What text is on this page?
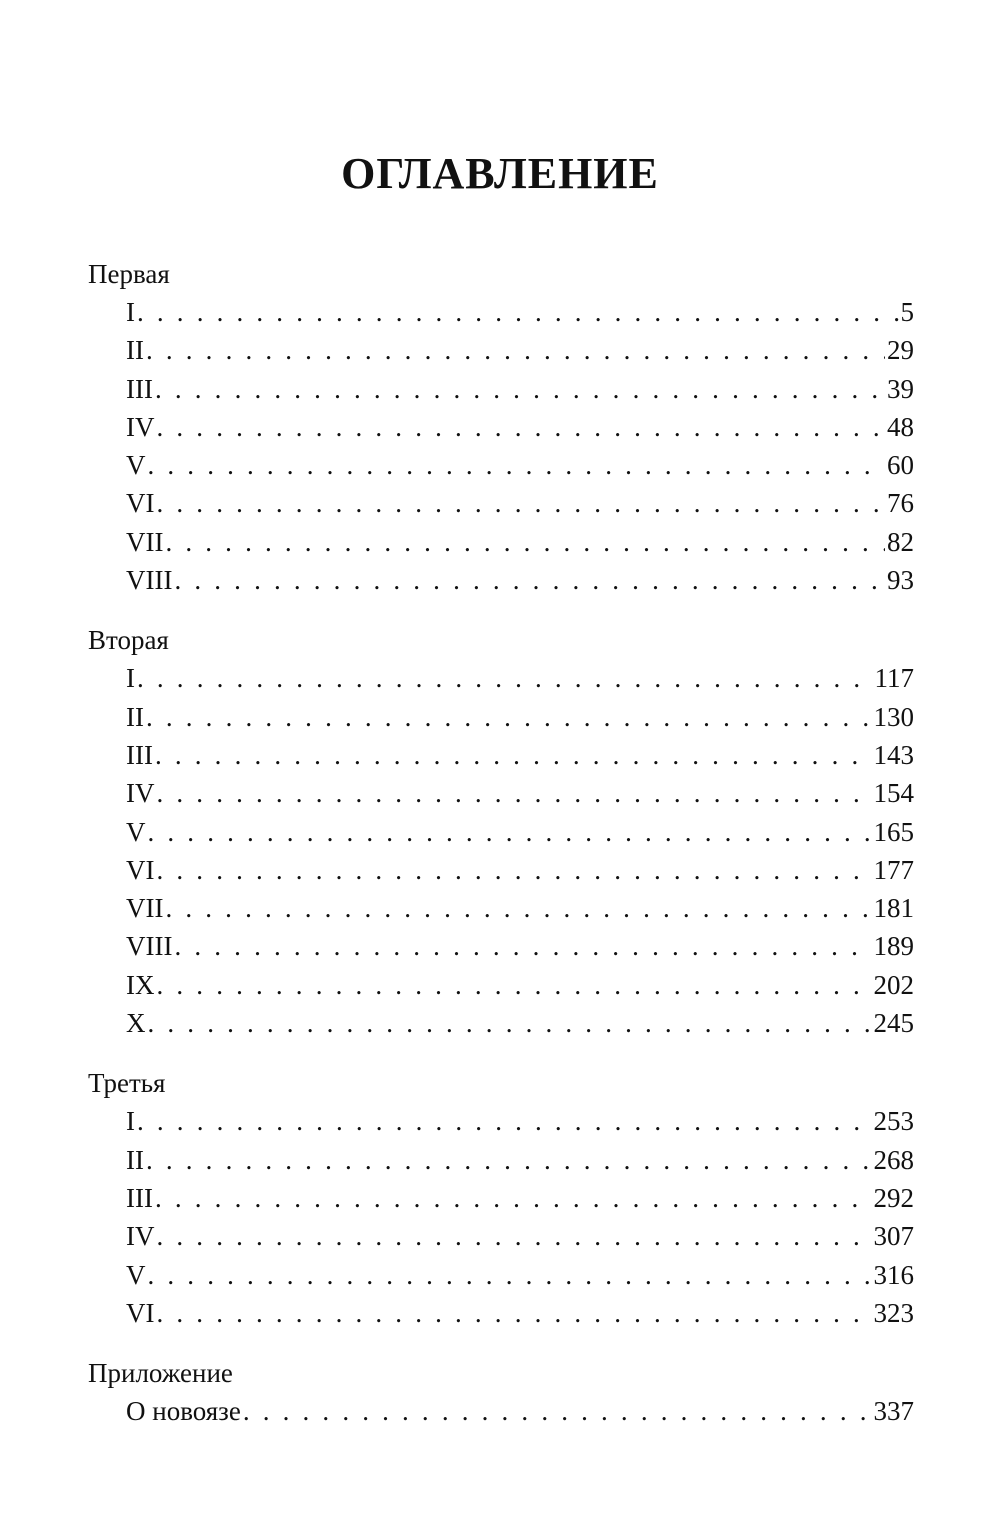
ОГЛАВЛЕНИЕ
Первая
I . . .	5
II . . .	29
III . . .	39
IV . . .	48
V . . .	60
VI . . .	76
VII . . .	82
VIII . . .	93
Вторая
I . . .	117
II . . .	130
III . . .	143
IV . . .	154
V . . .	165
VI . . .	177
VII . . .	181
VIII . . .	189
IX . . .	202
X . . .	245
Третья
I . . .	253
II . . .	268
III . . .	292
IV . . .	307
V . . .	316
VI . . .	323
Приложение
О новоязе . . .	337
